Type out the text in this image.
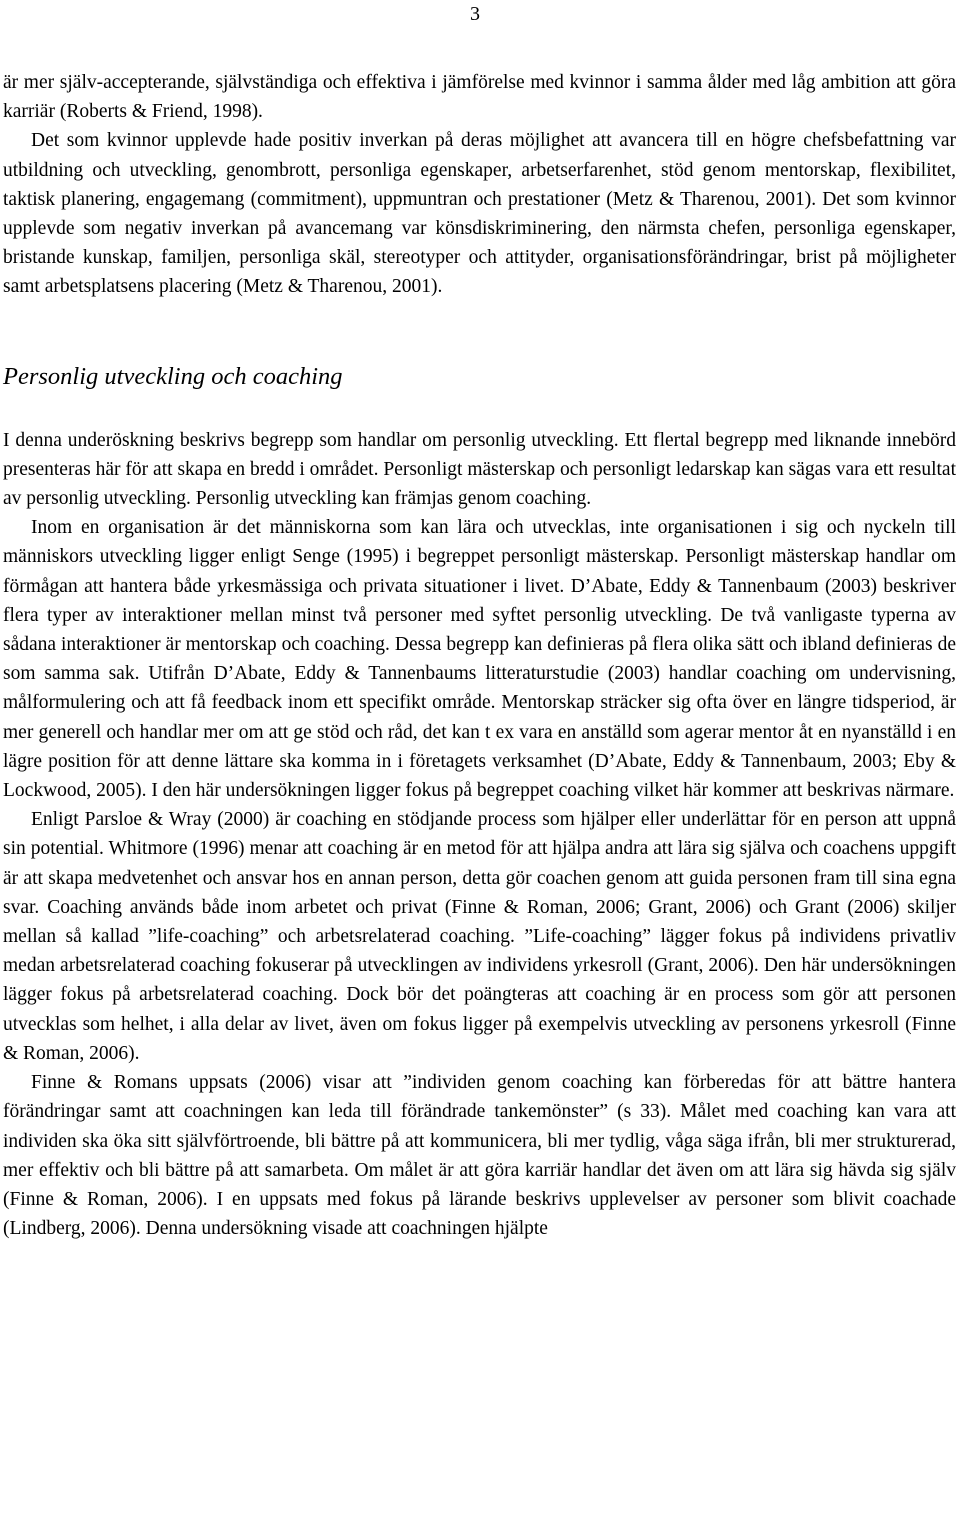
3

är mer själv-accepterande, självständiga och effektiva i jämförelse med kvinnor i samma ålder med låg ambition att göra karriär (Roberts & Friend, 1998).

Det som kvinnor upplevde hade positiv inverkan på deras möjlighet att avancera till en högre chefsbefattning var utbildning och utveckling, genombrott, personliga egenskaper, arbetserfarenhet, stöd genom mentorskap, flexibilitet, taktisk planering, engagemang (commitment), uppmuntran och prestationer (Metz & Tharenou, 2001). Det som kvinnor upplevde som negativ inverkan på avancemang var könsdiskriminering, den närmsta chefen, personliga egenskaper, bristande kunskap, familjen, personliga skäl, stereotyper och attityder, organisationsförändringar, brist på möjligheter samt arbetsplatsens placering (Metz & Tharenou, 2001).

Personlig utveckling och coaching

I denna underöskning beskrivs begrepp som handlar om personlig utveckling. Ett flertal begrepp med liknande innebörd presenteras här för att skapa en bredd i området. Personligt mästerskap och personligt ledarskap kan sägas vara ett resultat av personlig utveckling. Personlig utveckling kan främjas genom coaching.

Inom en organisation är det människorna som kan lära och utvecklas, inte organisationen i sig och nyckeln till människors utveckling ligger enligt Senge (1995) i begreppet personligt mästerskap. Personligt mästerskap handlar om förmågan att hantera både yrkesmässiga och privata situationer i livet. D’Abate, Eddy & Tannenbaum (2003) beskriver flera typer av interaktioner mellan minst två personer med syftet personlig utveckling. De två vanligaste typerna av sådana interaktioner är mentorskap och coaching. Dessa begrepp kan definieras på flera olika sätt och ibland definieras de som samma sak. Utifrån D’Abate, Eddy & Tannenbaums litteraturstudie (2003) handlar coaching om undervisning, målformulering och att få feedback inom ett specifikt område. Mentorskap sträcker sig ofta över en längre tidsperiod, är mer generell och handlar mer om att ge stöd och råd, det kan t ex vara en anställd som agerar mentor åt en nyanställd i en lägre position för att denne lättare ska komma in i företagets verksamhet (D’Abate, Eddy & Tannenbaum, 2003; Eby & Lockwood, 2005). I den här undersökningen ligger fokus på begreppet coaching vilket här kommer att beskrivas närmare.

Enligt Parsloe & Wray (2000) är coaching en stödjande process som hjälper eller underlättar för en person att uppnå sin potential. Whitmore (1996) menar att coaching är en metod för att hjälpa andra att lära sig själva och coachens uppgift är att skapa medvetenhet och ansvar hos en annan person, detta gör coachen genom att guida personen fram till sina egna svar. Coaching används både inom arbetet och privat (Finne & Roman, 2006; Grant, 2006) och Grant (2006) skiljer mellan så kallad ”life-coaching” och arbetsrelaterad coaching. ”Life-coaching” lägger fokus på individens privatliv medan arbetsrelaterad coaching fokuserar på utvecklingen av individens yrkesroll (Grant, 2006). Den här undersökningen lägger fokus på arbetsrelaterad coaching. Dock bör det poängteras att coaching är en process som gör att personen utvecklas som helhet, i alla delar av livet, även om fokus ligger på exempelvis utveckling av personens yrkesroll (Finne & Roman, 2006).

Finne & Romans uppsats (2006) visar att ”individen genom coaching kan förberedas för att bättre hantera förändringar samt att coachningen kan leda till förändrade tankemönster” (s 33). Målet med coaching kan vara att individen ska öka sitt självförtroende, bli bättre på att kommunicera, bli mer tydlig, våga säga ifrån, bli mer strukturerad, mer effektiv och bli bättre på att samarbeta. Om målet är att göra karriär handlar det även om att lära sig hävda sig själv (Finne & Roman, 2006). I en uppsats med fokus på lärande beskrivs upplevelser av personer som blivit coachade (Lindberg, 2006). Denna undersökning visade att coachningen hjälpte
